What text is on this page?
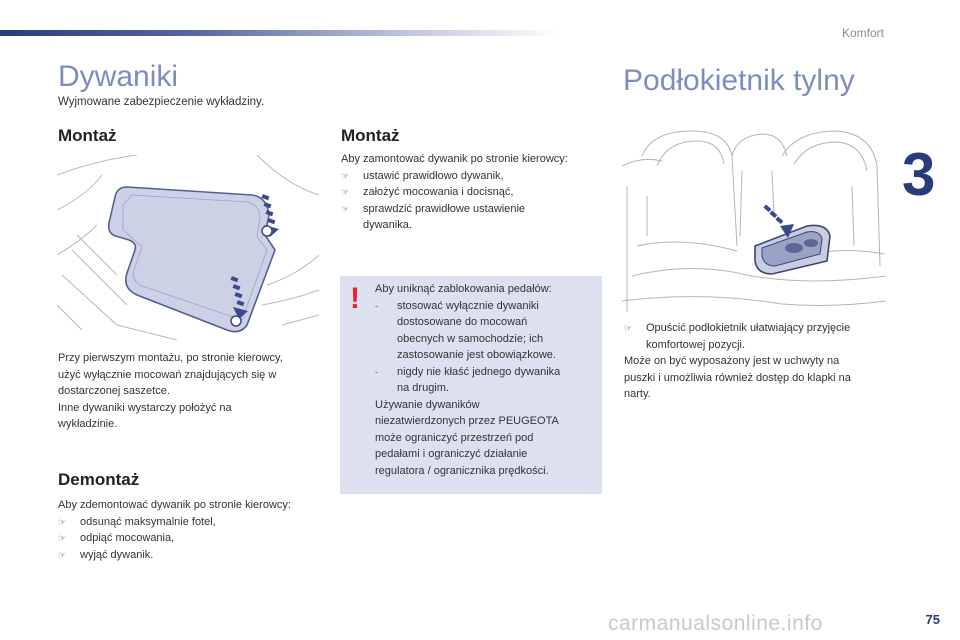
Komfort
3
Dywaniki
Wyjmowane zabezpieczenie wykładziny.
Montaż
Przy pierwszym montażu, po stronie kierowcy,
użyć wyłącznie mocowań znajdujących się w
dostarczonej saszetce.
Inne dywaniki wystarczy położyć na
wykładzinie.
Demontaż
Aby zdemontować dywanik po stronie kierowcy:
☞ odsunąć maksymalnie fotel,
☞ odpiąć mocowania,
☞ wyjąć dywanik.
Montaż
Aby zamontować dywanik po stronie kierowcy:
☞ ustawić prawidłowo dywanik,
☞ założyć mocowania i docisnąć,
☞ sprawdzić prawidłowe ustawienie
dywanika.
! Aby uniknąć zablokowania pedałów:
- stosować wyłącznie dywaniki
dostosowane do mocowań
obecnych w samochodzie; ich
zastosowanie jest obowiązkowe.
- nigdy nie kłaść jednego dywanika
na drugim.
Używanie dywaników
niezatwierdzonych przez PEUGEOTA
może ograniczyć przestrzeń pod
pedałami i ograniczyć działanie
regulatora / ogranicznika prędkości.
Podłokietnik tylny
☞ Opuścić podłokietnik ułatwiający przyjęcie
komfortowej pozycji.
Może on być wyposażony jest w uchwyty na
puszki i umożliwia również dostęp do klapki na
narty.
carmanualsonline.info	75
